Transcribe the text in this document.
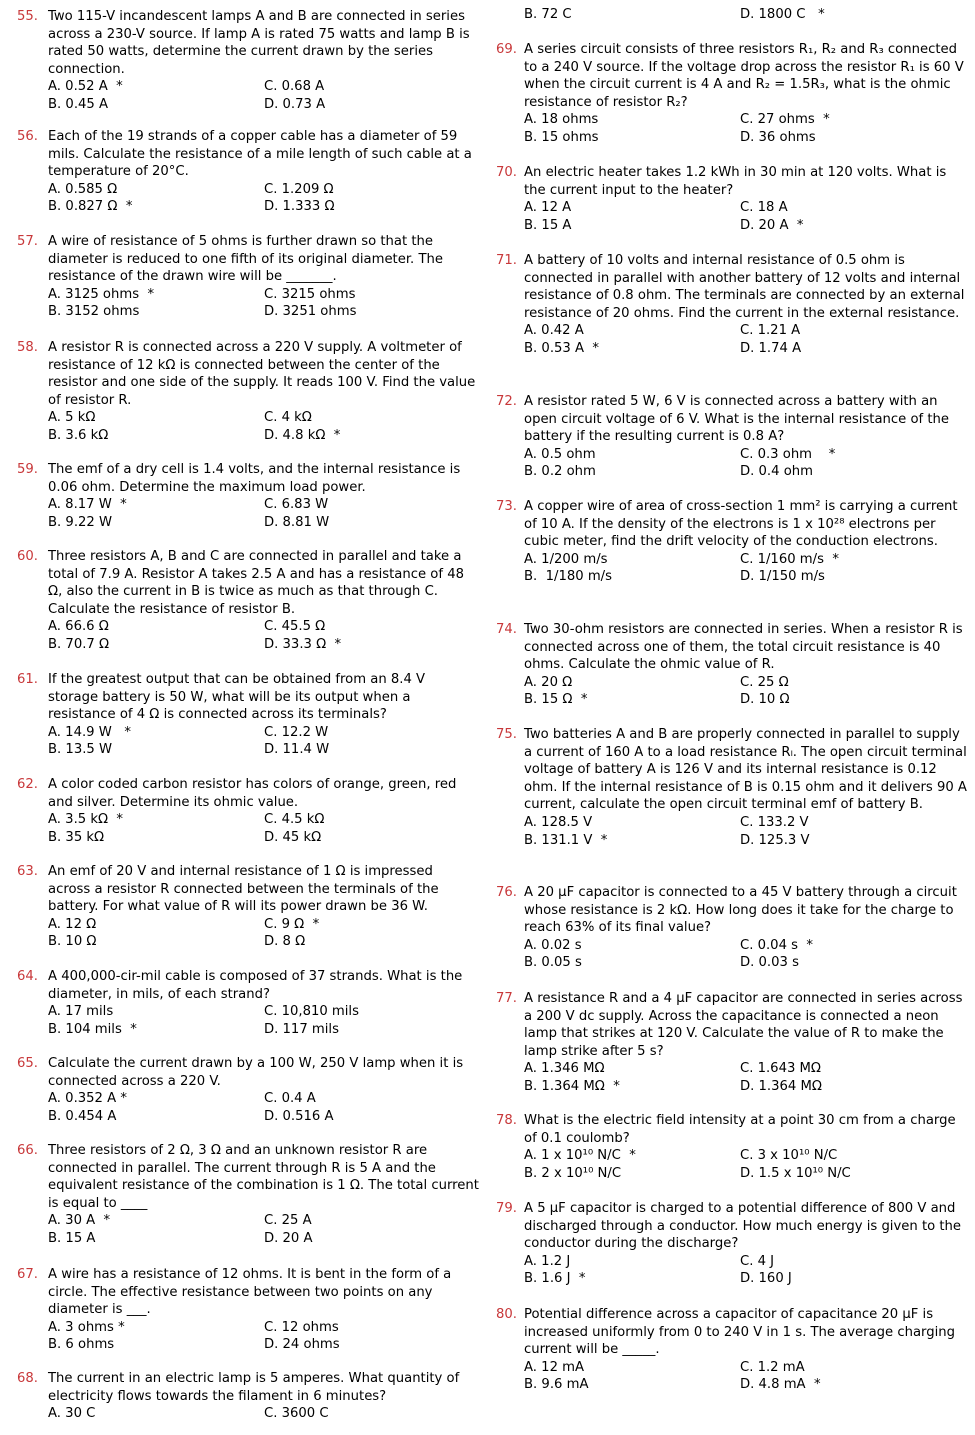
55. Two 115-V incandescent lamps A and B are connected in series across a 230-V source. If lamp A is rated 75 watts and lamp B is rated 50 watts, determine the current drawn by the series connection.
A. 0.52 A  *	C. 0.68 A
B. 0.45 A	D. 0.73 A
56. Each of the 19 strands of a copper cable has a diameter of 59 mils. Calculate the resistance of a mile length of such cable at a temperature of 20°C.
A. 0.585 Ω	C. 1.209 Ω
B. 0.827 Ω  *	D. 1.333 Ω
57. A wire of resistance of 5 ohms is further drawn so that the diameter is reduced to one fifth of its original diameter. The resistance of the drawn wire will be _______.
A. 3125 ohms  *	C. 3215 ohms
B. 3152 ohms	D. 3251 ohms
58. A resistor R is connected across a 220 V supply. A voltmeter of resistance of 12 kΩ is connected between the center of the resistor and one side of the supply. It reads 100 V. Find the value of resistor R.
A. 5 kΩ	C. 4 kΩ
B. 3.6 kΩ	D. 4.8 kΩ  *
59. The emf of a dry cell is 1.4 volts, and the internal resistance is 0.06 ohm. Determine the maximum load power.
A. 8.17 W  *	C. 6.83 W
B. 9.22 W	D. 8.81 W
60. Three resistors A, B and C are connected in parallel and take a total of 7.9 A. Resistor A takes 2.5 A and has a resistance of 48 Ω, also the current in B is twice as much as that through C. Calculate the resistance of resistor B.
A. 66.6 Ω	C. 45.5 Ω
B. 70.7 Ω	D. 33.3 Ω  *
61. If the greatest output that can be obtained from an 8.4 V storage battery is 50 W, what will be its output when a resistance of 4 Ω is connected across its terminals?
A. 14.9 W   *	C. 12.2 W
B. 13.5 W	D. 11.4 W
62. A color coded carbon resistor has colors of orange, green, red and silver. Determine its ohmic value.
A. 3.5 kΩ  *	C. 4.5 kΩ
B. 35 kΩ	D. 45 kΩ
63. An emf of 20 V and internal resistance of 1 Ω is impressed across a resistor R connected between the terminals of the battery. For what value of R will its power drawn be 36 W.
A. 12 Ω	C. 9 Ω  *
B. 10 Ω	D. 8 Ω
64. A 400,000-cir-mil cable is composed of 37 strands. What is the diameter, in mils, of each strand?
A. 17 mils	C. 10,810 mils
B. 104 mils  *	D. 117 mils
65. Calculate the current drawn by a 100 W, 250 V lamp when it is connected across a 220 V.
A. 0.352 A *	C. 0.4 A
B. 0.454 A	D. 0.516 A
66. Three resistors of 2 Ω, 3 Ω and an unknown resistor R are connected in parallel. The current through R is 5 A and the equivalent resistance of the combination is 1 Ω. The total current is equal to ____
A. 30 A  *	C. 25 A
B. 15 A	D. 20 A
67. A wire has a resistance of 12 ohms. It is bent in the form of a circle. The effective resistance between two points on any diameter is ___.
A. 3 ohms *	C. 12 ohms
B. 6 ohms	D. 24 ohms
68. The current in an electric lamp is 5 amperes. What quantity of electricity flows towards the filament in 6 minutes?
A. 30 C	C. 3600 C
69. A series circuit consists of three resistors R₁, R₂ and R₃ connected to a 240 V source. If the voltage drop across the resistor R₁ is 60 V when the circuit current is 4 A and R₂ = 1.5R₃, what is the ohmic resistance of resistor R₂?
A. 18 ohms	C. 27 ohms  *
B. 15 ohms	D. 36 ohms
70. An electric heater takes 1.2 kWh in 30 min at 120 volts. What is the current input to the heater?
A. 12 A	C. 18 A
B. 15 A	D. 20 A  *
71. A battery of 10 volts and internal resistance of 0.5 ohm is connected in parallel with another battery of 12 volts and internal resistance of 0.8 ohm. The terminals are connected by an external resistance of 20 ohms. Find the current in the external resistance.
A. 0.42 A	C. 1.21 A
B. 0.53 A  *	D. 1.74 A
72. A resistor rated 5 W, 6 V is connected across a battery with an open circuit voltage of 6 V. What is the internal resistance of the battery if the resulting current is 0.8 A?
A. 0.5 ohm	C. 0.3 ohm    *
B. 0.2 ohm	D. 0.4 ohm
73. A copper wire of area of cross-section 1 mm² is carrying a current of 10 A. If the density of the electrons is 1 x 10²⁸ electrons per cubic meter, find the drift velocity of the conduction electrons.
A. 1/200 m/s	C. 1/160 m/s  *
B.  1/180 m/s	D. 1/150 m/s
74. Two 30-ohm resistors are connected in series. When a resistor R is connected across one of them, the total circuit resistance is 40 ohms. Calculate the ohmic value of R.
A. 20 Ω	C. 25 Ω
B. 15 Ω  *	D. 10 Ω
75. Two batteries A and B are properly connected in parallel to supply a current of 160 A to a load resistance Rₗ. The open circuit terminal voltage of battery A is 126 V and its internal resistance is 0.12 ohm. If the internal resistance of B is 0.15 ohm and it delivers 90 A current, calculate the open circuit terminal emf of battery B.
A. 128.5 V	C. 133.2 V
B. 131.1 V  *	D. 125.3 V
76. A 20 μF capacitor is connected to a 45 V battery through a circuit whose resistance is 2 kΩ. How long does it take for the charge to reach 63% of its final value?
A. 0.02 s	C. 0.04 s  *
B. 0.05 s	D. 0.03 s
77. A resistance R and a 4 μF capacitor are connected in series across a 200 V dc supply. Across the capacitance is connected a neon lamp that strikes at 120 V. Calculate the value of R to make the lamp strike after 5 s?
A. 1.346 MΩ	C. 1.643 MΩ
B. 1.364 MΩ  *	D. 1.364 MΩ
78. What is the electric field intensity at a point 30 cm from a charge of 0.1 coulomb?
A. 1 x 10¹⁰ N/C  *	C. 3 x 10¹⁰ N/C
B. 2 x 10¹⁰ N/C	D. 1.5 x 10¹⁰ N/C
79. A 5 μF capacitor is charged to a potential difference of 800 V and discharged through a conductor. How much energy is given to the conductor during the discharge?
A. 1.2 J	C. 4 J
B. 1.6 J  *	D. 160 J
80. Potential difference across a capacitor of capacitance 20 μF is increased uniformly from 0 to 240 V in 1 s. The average charging current will be _____.
A. 12 mA	C. 1.2 mA
B. 9.6 mA	D. 4.8 mA  *
B. 72 C	D. 1800 C   *
